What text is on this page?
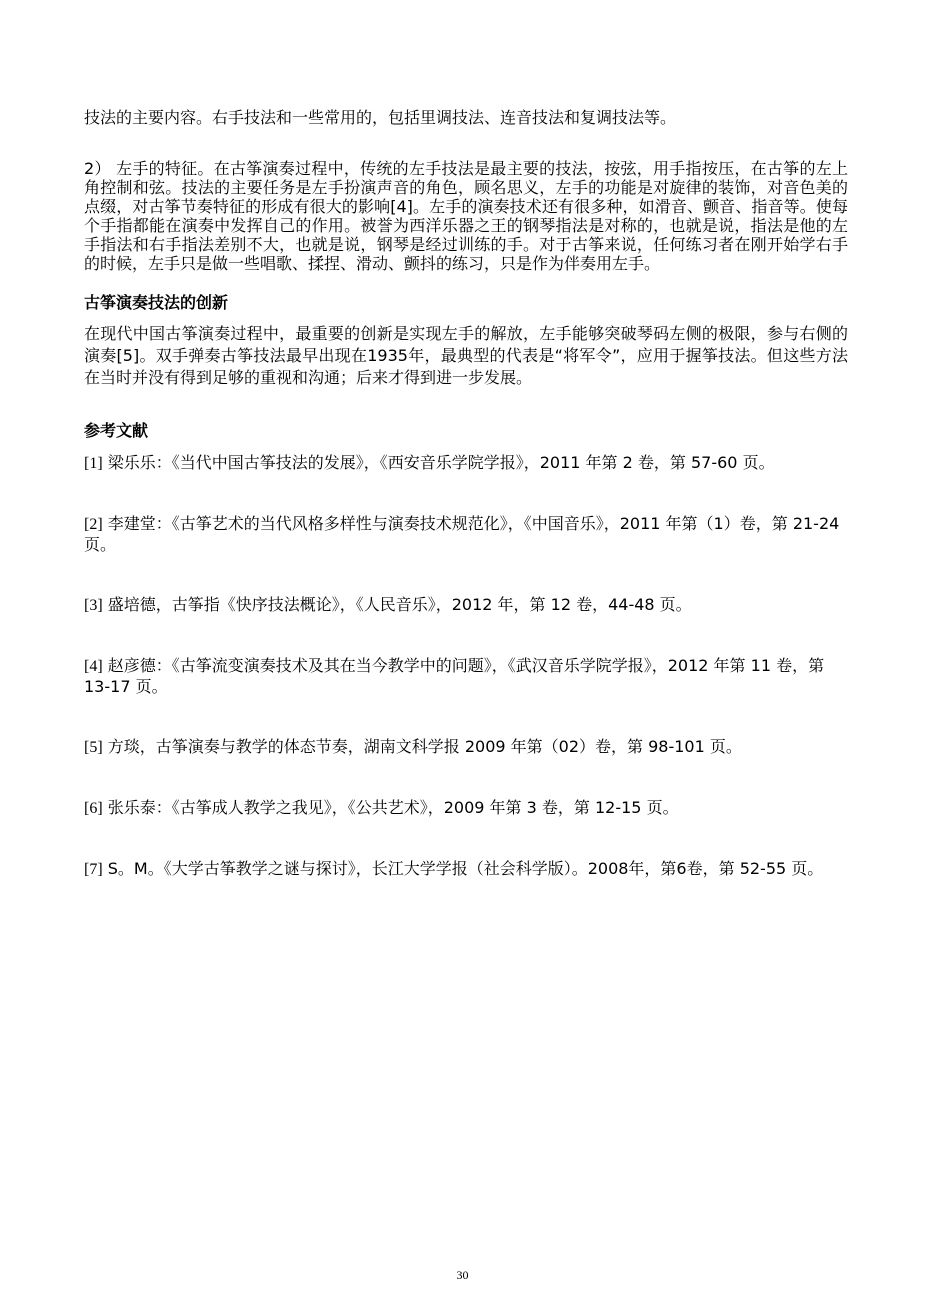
技法的主要内容。右手技法和一些常用的，包括里调技法、连音技法和复调技法等。

2） 左手的特征。在古筝演奏过程中，传统的左手技法是最主要的技法，按弦，用手指按压，在古筝的左上角控制和弦。技法的主要任务是左手扮演声音的角色，顾名思义，左手的功能是对旋律的装饰，对音色美的点缀，对古筝节奏特征的形成有很大的影响[4]。左手的演奏技术还有很多种，如滑音、颤音、指音等。使每个手指都能在演奏中发挥自己的作用。被誉为西洋乐器之王的钢琴指法是对称的，也就是说，指法是他的左手指法和右手指法差别不大，也就是说，钢琴是经过训练的手。对于古筝来说，任何练习者在刚开始学右手的时候，左手只是做一些唱歌、揉捏、滑动、颤抖的练习，只是作为伴奏用左手。

古筝演奏技法的创新

在现代中国古筝演奏过程中，最重要的创新是实现左手的解放，左手能够突破琴码左侧的极限，参与右侧的演奏[5]。双手弹奏古筝技法最早出现在1935年，最典型的代表是“将军令”，应用于握筝技法。但这些方法在当时并没有得到足够的重视和沟通；后来才得到进一步发展。

参考文献
[1] 梁乐乐：《当代中国古筝技法的发展》，《西安音乐学院学报》，2011 年第 2 卷，第 57-60 页。
[2] 李建堂：《古筝艺术的当代风格多样性与演奏技术规范化》，《中国音乐》，2011 年第（1）卷，第 21-24 页。
[3] 盛培德，古筝指《快序技法概论》，《人民音乐》，2012 年，第 12 卷，44-48 页。
[4] 赵彦德：《古筝流变演奏技术及其在当今教学中的问题》，《武汉音乐学院学报》，2012 年第 11 卷，第 13-17 页。
[5] 方琰，古筝演奏与教学的体态节奏，湖南文科学报 2009 年第（02）卷，第 98-101 页。
[6] 张乐泰：《古筝成人教学之我见》，《公共艺术》，2009 年第 3 卷，第 12-15 页。
[7] S。M。《大学古筝教学之谜与探讨》，长江大学学报（社会科学版）。2008年，第6卷，第 52-55 页。
30
